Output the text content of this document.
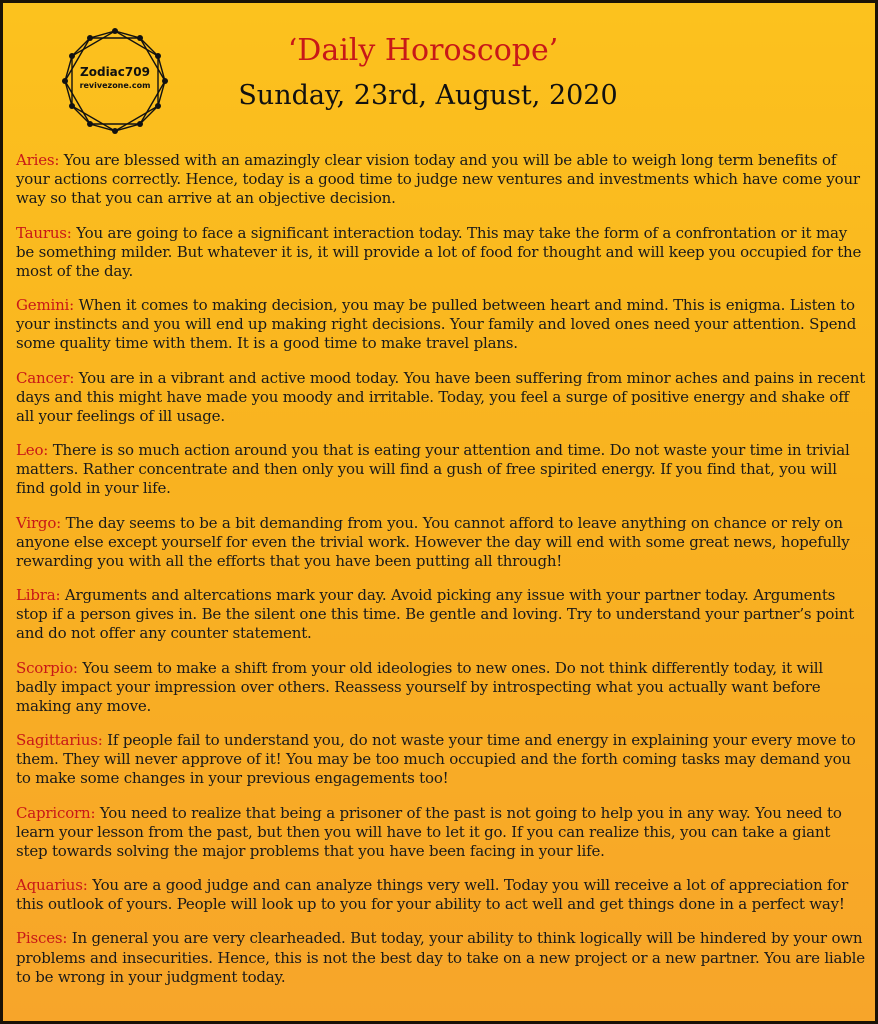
Zodiac709
revivezone.com
‘Daily Horoscope’
Sunday, 23rd, August, 2020

Aries: You are blessed with an amazingly clear vision today and you will be able to weigh long term benefits of your actions correctly. Hence, today is a good time to judge new ventures and investments which have come your way so that you can arrive at an objective decision.

Taurus: You are going to face a significant interaction today. This may take the form of a confrontation or it may be something milder. But whatever it is, it will provide a lot of food for thought and will keep you occupied for the most of the day.

Gemini: When it comes to making decision, you may be pulled between heart and mind. This is enigma. Listen to your instincts and you will end up making right decisions. Your family and loved ones need your attention. Spend some quality time with them. It is a good time to make travel plans.

Cancer: You are in a vibrant and active mood today. You have been suffering from minor aches and pains in recent days and this might have made you moody and irritable. Today, you feel a surge of positive energy and shake off all your feelings of ill usage.

Leo: There is so much action around you that is eating your attention and time. Do not waste your time in trivial matters. Rather concentrate and then only you will find a gush of free spirited energy. If you find that, you will find gold in your life.

Virgo: The day seems to be a bit demanding from you. You cannot afford to leave anything on chance or rely on anyone else except yourself for even the trivial work. However the day will end with some great news, hopefully rewarding you with all the efforts that you have been putting all through!

Libra: Arguments and altercations mark your day. Avoid picking any issue with your partner today. Arguments stop if a person gives in. Be the silent one this time. Be gentle and loving. Try to understand your partner’s point and do not offer any counter statement.

Scorpio: You seem to make a shift from your old ideologies to new ones. Do not think differently today, it will badly impact your impression over others. Reassess yourself by introspecting what you actually want before making any move.

Sagittarius: If people fail to understand you, do not waste your time and energy in explaining your every move to them. They will never approve of it! You may be too much occupied and the forth coming tasks may demand you to make some changes in your previous engagements too!

Capricorn: You need to realize that being a prisoner of the past is not going to help you in any way. You need to learn your lesson from the past, but then you will have to let it go. If you can realize this, you can take a giant step towards solving the major problems that you have been facing in your life.

Aquarius: You are a good judge and can analyze things very well. Today you will receive a lot of appreciation for this outlook of yours. People will look up to you for your ability to act well and get things done in a perfect way!

Pisces: In general you are very clearheaded. But today, your ability to think logically will be hindered by your own problems and insecurities. Hence, this is not the best day to take on a new project or a new partner. You are liable to be wrong in your judgment today.
